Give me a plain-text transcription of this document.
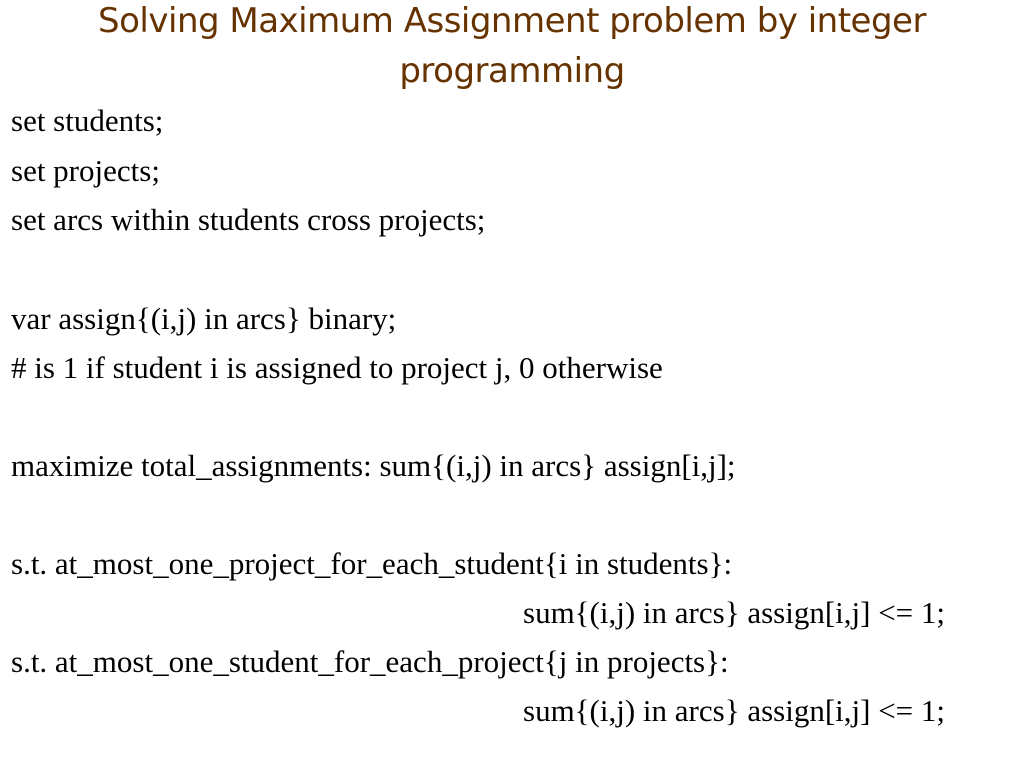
Solving Maximum Assignment problem by integer
programming
set students;
set projects;
set arcs within students cross projects;
var assign{(i,j) in arcs} binary;
# is 1 if student i is assigned to project j, 0 otherwise
maximize total_assignments: sum{(i,j) in arcs} assign[i,j];
s.t. at_most_one_project_for_each_student{i in students}:
sum{(i,j) in arcs} assign[i,j] <= 1;
s.t. at_most_one_student_for_each_project{j in projects}:
sum{(i,j) in arcs} assign[i,j] <= 1;
